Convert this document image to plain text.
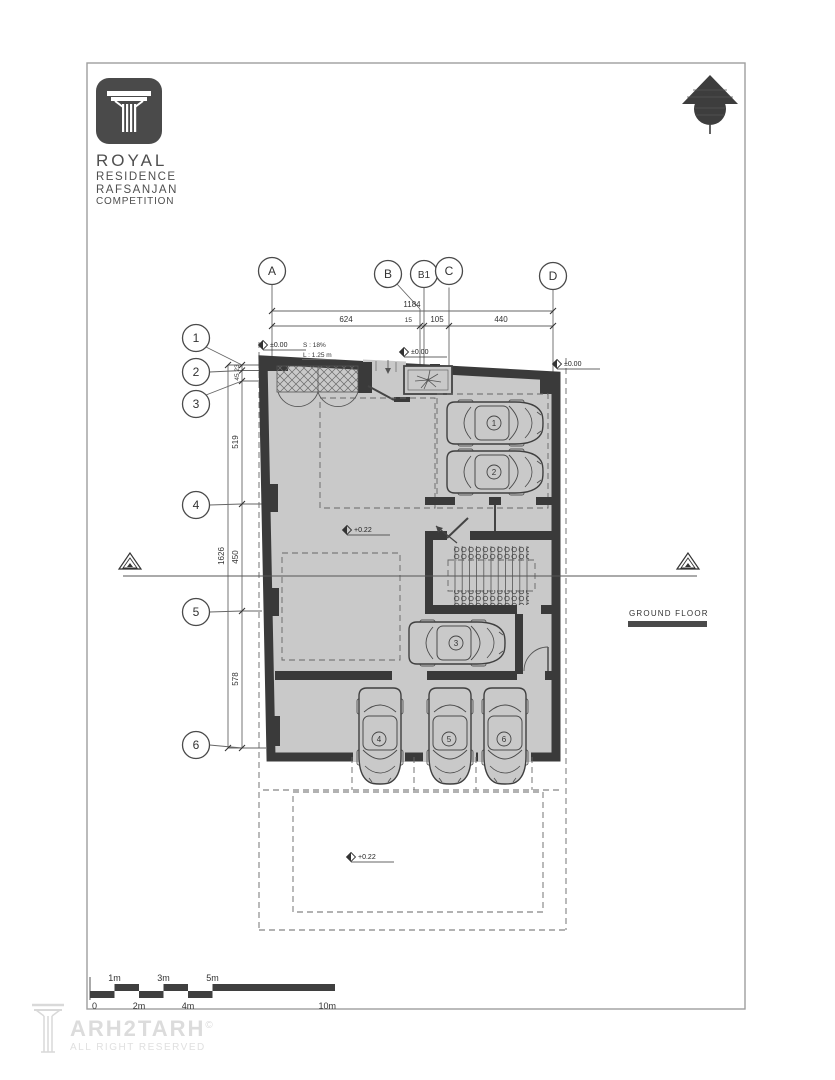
A	B	B1 C	D
1184
624	15 105	440
1
2
3
4
5
6
23
45
519
450
578
1626
S : 18%
L : 1.25 m
1
2
3
4	5	6
±0.00
±0.00
±0.00
+0.22
+0.22
GROUND FLOOR
1m	3m	5m
0	2m	4m	10m
ROYAL
RESIDENCE
RAFSANJAN
COMPETITION
ARH2TARH©
ALL RIGHT RESERVED
